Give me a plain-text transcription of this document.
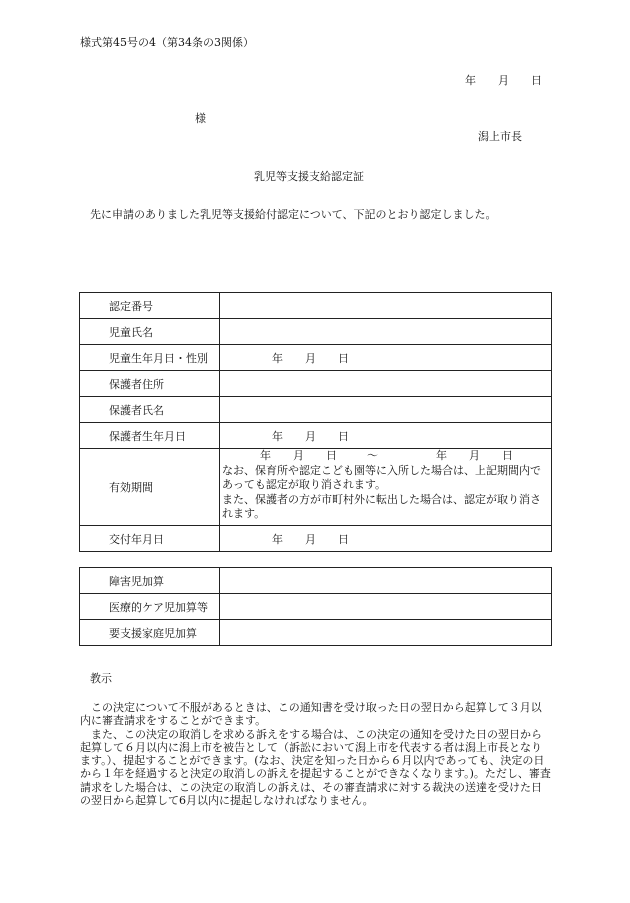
様式第45号の4（第34条の3関係）
年 月 日
様
潟上市長
乳児等支援支給認定証
先に申請のありました乳児等支援給付認定について、下記のとおり認定しました。
認定番号	
児童氏名	
児童生年月日・性別	年 月 日
保護者住所	
保護者氏名	
保護者生年月日	年 月 日
有効期間	年 月 日 ～ 年 月 日
なお、保育所や認定こども園等に入所した場合は、上記期間内であっても認定が取り消されます。
また、保護者の方が市町村外に転出した場合は、認定が取り消されます。

交付年月日	年 月 日
障害児加算	
医療的ケア児加算等	
要支援家庭児加算	
教示

　この決定について不服があるときは、この通知書を受け取った日の翌日から起算して３月以内に審査請求をすることができます。

　また、この決定の取消しを求める訴えをする場合は、この決定の通知を受けた日の翌日から起算して６月以内に潟上市を被告として（訴訟において潟上市を代表する者は潟上市長となります。）、提起することができます。(なお、決定を知った日から６月以内であっても、決定の日から１年を経過すると決定の取消しの訴えを提起することができなくなります。)。ただし、審査請求をした場合は、この決定の取消しの訴えは、その審査請求に対する裁決の送達を受けた日の翌日から起算して6月以内に提起しなければなりません。
